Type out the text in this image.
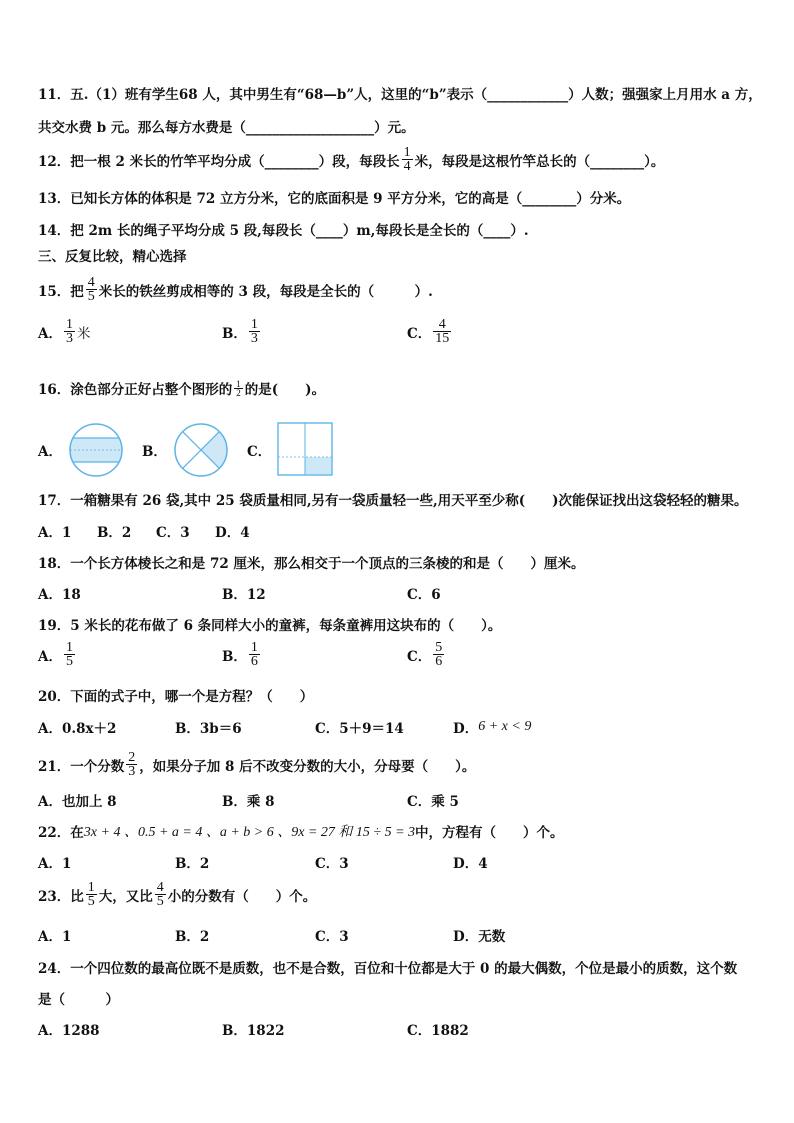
11．五.（1）班有学生68 人，其中男生有“68—b”人，这里的“b”表示（____________）人数；强强家上月用水 a 方，
共交水费 b 元。那么每方水费是（___________________）元。
12．把一根 2 米长的竹竿平均分成（________）段，每段长 $\frac{1}{4}$ 米，每段是这根竹竿总长的（________）。
13．已知长方体的体积是 72 立方分米，它的底面积是 9 平方分米，它的高是（________）分米。
14．把 2m 长的绳子平均分成 5 段,每段长（____）m,每段长是全长的（____）.
三、反复比较，精心选择
15．把 $\frac{4}{5}$ 米长的铁丝剪成相等的 3 段，每段是全长的（　　　）.
A． $\frac{1}{3}$ 米	B． $\frac{1}{3}$	C． $\frac{4}{15}$
16．涂色部分正好占整个图形的 $\frac{1}{2}$ 的是(　　)。
A．	B．	C．
17．一箱糖果有 26 袋,其中 25 袋质量相同,另有一袋质量轻一些,用天平至少称(　　)次能保证找出这袋轻轻的糖果。
A．1 B．2 C．3 D．4
18．一个长方体棱长之和是 72 厘米，那么相交于一个顶点的三条棱的和是（　　）厘米。
A．18	B．12	C．6
19．5 米长的花布做了 6 条同样大小的童裤，每条童裤用这块布的（　　）。
A． $\frac{1}{5}$	B． $\frac{1}{6}$	C． $\frac{5}{6}$
20．下面的式子中，哪一个是方程？（　　）
A．0.8x＋2	B．3b＝6	C．5＋9＝14	D． 6 + x < 9
21．一个分数 $\frac{2}{3}$ ，如果分子加 8 后不改变分数的大小，分母要（　　）。
A．也加上 8	B．乘 8	C．乘 5
22．在 3x + 4 、0.5 + a = 4 、a + b > 6 、9x = 27 和 15 ÷ 5 = 3 中，方程有（　　）个。
A．1	B．2	C．3	D．4
23．比 $\frac{1}{5}$ 大，又比 $\frac{4}{5}$ 小的分数有（　　）个。
A．1	B．2	C．3	D．无数
24．一个四位数的最高位既不是质数，也不是合数，百位和十位都是大于 0 的最大偶数，个位是最小的质数，这个数
是（　　　）
A．1288	B．1822	C．1882
